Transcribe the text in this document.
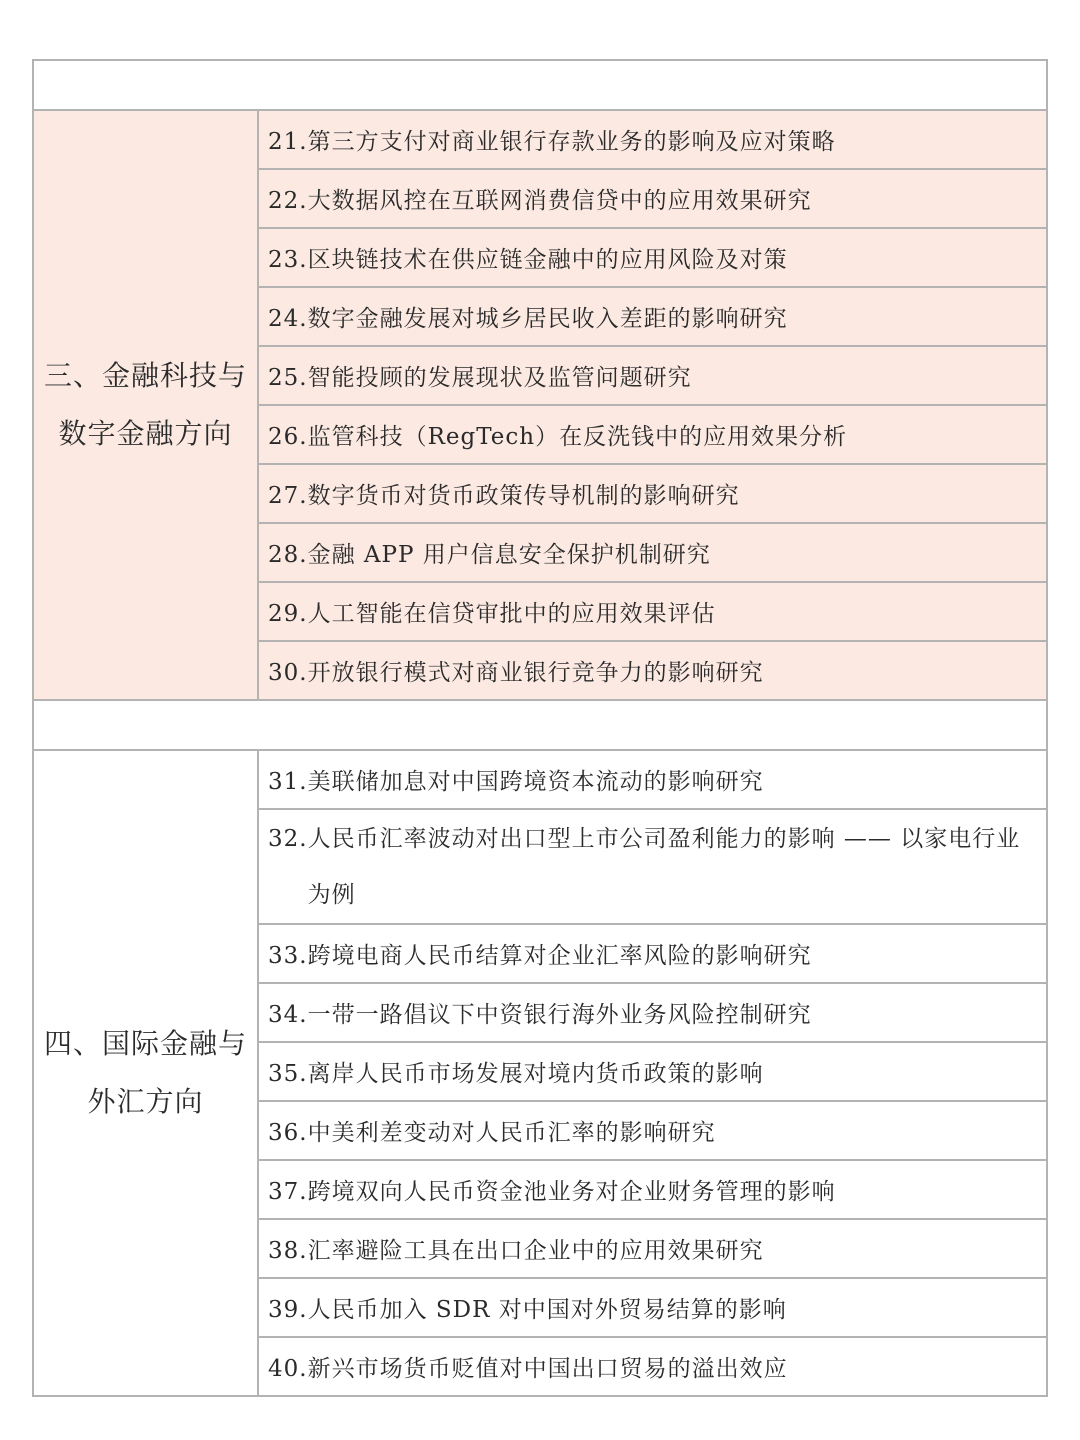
三、金融科技与
数字金融方向	21.第三方支付对商业银行存款业务的影响及应对策略
	22.大数据风控在互联网消费信贷中的应用效果研究
	23.区块链技术在供应链金融中的应用风险及对策
	24.数字金融发展对城乡居民收入差距的影响研究
	25.智能投顾的发展现状及监管问题研究
	26.监管科技（RegTech）在反洗钱中的应用效果分析
	27.数字货币对货币政策传导机制的影响研究
	28.金融 APP 用户信息安全保护机制研究
	29.人工智能在信贷审批中的应用效果评估
	30.开放银行模式对商业银行竞争力的影响研究

四、国际金融与
外汇方向	31.美联储加息对中国跨境资本流动的影响研究

	32. 人民币汇率波动对出口型上市公司盈利能力的影响 —— 以家电行业为例

	33.跨境电商人民币结算对企业汇率风险的影响研究
	34.一带一路倡议下中资银行海外业务风险控制研究
	35.离岸人民币市场发展对境内货币政策的影响
	36.中美利差变动对人民币汇率的影响研究
	37.跨境双向人民币资金池业务对企业财务管理的影响
	38.汇率避险工具在出口企业中的应用效果研究
	39.人民币加入 SDR 对中国对外贸易结算的影响
	40.新兴市场货币贬值对中国出口贸易的溢出效应
